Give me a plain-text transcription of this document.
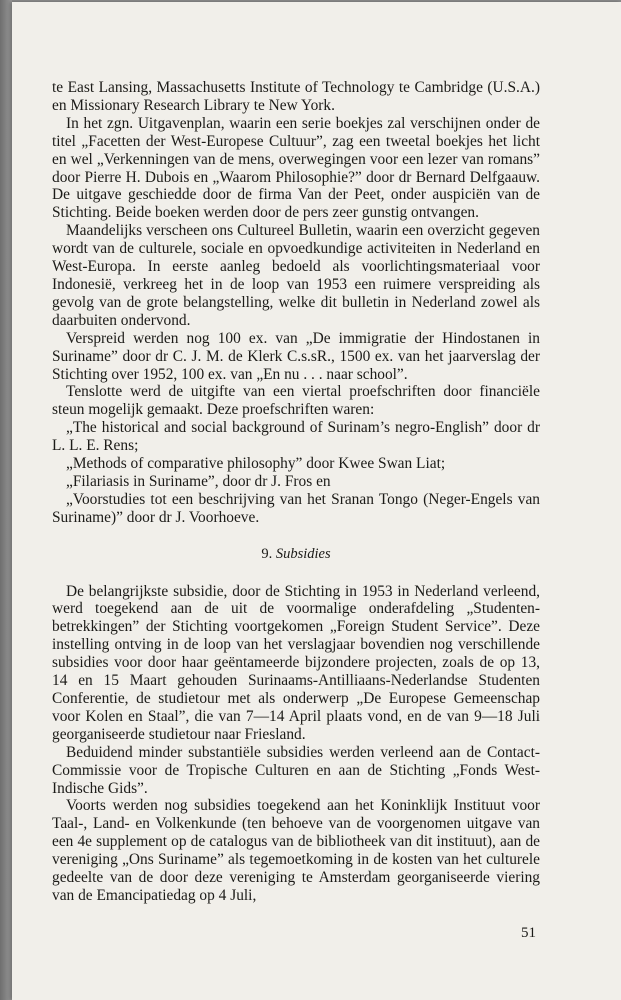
te East Lansing, Massachusetts Institute of Technology te Cambridge (U.S.A.) en Missionary Research Library te New York.

In het zgn. Uitgavenplan, waarin een serie boekjes zal verschijnen onder de titel „Facetten der West-Europese Cultuur”, zag een tweetal boekjes het licht en wel „Verkenningen van de mens, overwegingen voor een lezer van romans” door Pierre H. Dubois en „Waarom Philosophie?” door dr Bernard Delfgaauw. De uitgave geschiedde door de firma Van der Peet, onder auspiciën van de Stichting. Beide boeken werden door de pers zeer gunstig ontvangen.

Maandelijks verscheen ons Cultureel Bulletin, waarin een overzicht gegeven wordt van de culturele, sociale en opvoedkundige activiteiten in Nederland en West-Europa. In eerste aanleg bedoeld als voorlichtingsmateriaal voor Indonesië, verkreeg het in de loop van 1953 een ruimere verspreiding als gevolg van de grote belangstelling, welke dit bulletin in Nederland zowel als daarbuiten ondervond.

Verspreid werden nog 100 ex. van „De immigratie der Hindostanen in Suriname” door dr C. J. M. de Klerk C.s.sR., 1500 ex. van het jaarverslag der Stichting over 1952, 100 ex. van „En nu . . . naar school”.

Tenslotte werd de uitgifte van een viertal proefschriften door financiële steun mogelijk gemaakt. Deze proefschriften waren:

„The historical and social background of Surinam’s negro-English” door dr L. L. E. Rens;

„Methods of comparative philosophy” door Kwee Swan Liat;

„Filariasis in Suriname”, door dr J. Fros en

„Voorstudies tot een beschrijving van het Sranan Tongo (Neger-Engels van Suriname)” door dr J. Voorhoeve.

9. Subsidies

De belangrijkste subsidie, door de Stichting in 1953 in Nederland verleend, werd toegekend aan de uit de voormalige onderafdeling „Studenten-betrekkingen” der Stichting voortgekomen „Foreign Student Service”. Deze instelling ontving in de loop van het verslagjaar bovendien nog verschillende subsidies voor door haar geëntameerde bijzondere projecten, zoals de op 13, 14 en 15 Maart gehouden Surinaams-Antilliaans-Nederlandse Studenten Conferentie, de studietour met als onderwerp „De Europese Gemeenschap voor Kolen en Staal”, die van 7—14 April plaats vond, en de van 9—18 Juli georganiseerde studietour naar Friesland.

Beduidend minder substantiële subsidies werden verleend aan de Contact-Commissie voor de Tropische Culturen en aan de Stichting „Fonds West-Indische Gids”.

Voorts werden nog subsidies toegekend aan het Koninklijk Instituut voor Taal-, Land- en Volkenkunde (ten behoeve van de voorgenomen uitgave van een 4e supplement op de catalogus van de bibliotheek van dit instituut), aan de vereniging „Ons Suriname” als tegemoetkoming in de kosten van het culturele gedeelte van de door deze vereniging te Amsterdam georganiseerde viering van de Emancipatiedag op 4 Juli,

51
